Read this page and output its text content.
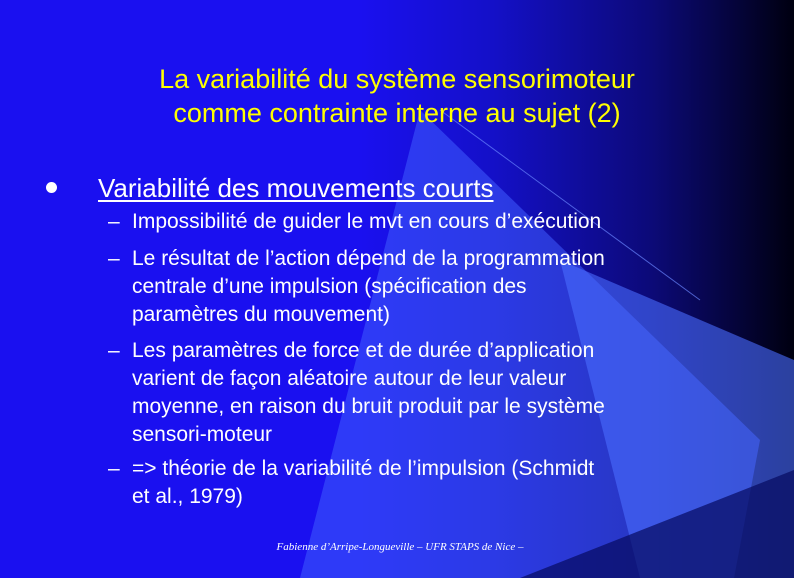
La variabilité du système sensorimoteur
comme contrainte interne au sujet (2)
Variabilité des mouvements courts
– Impossibilité de guider le mvt en cours d’exécution
– Le résultat de l’action dépend de la programmation
centrale d’une impulsion (spécification des
paramètres du mouvement)
– Les paramètres de force et de durée d’application
varient de façon aléatoire autour de leur valeur
moyenne, en raison du bruit produit par le système
sensori-moteur
– => théorie de la variabilité de l’impulsion (Schmidt
et al., 1979)
Fabienne d’Arripe-Longueville – UFR STAPS de Nice –
